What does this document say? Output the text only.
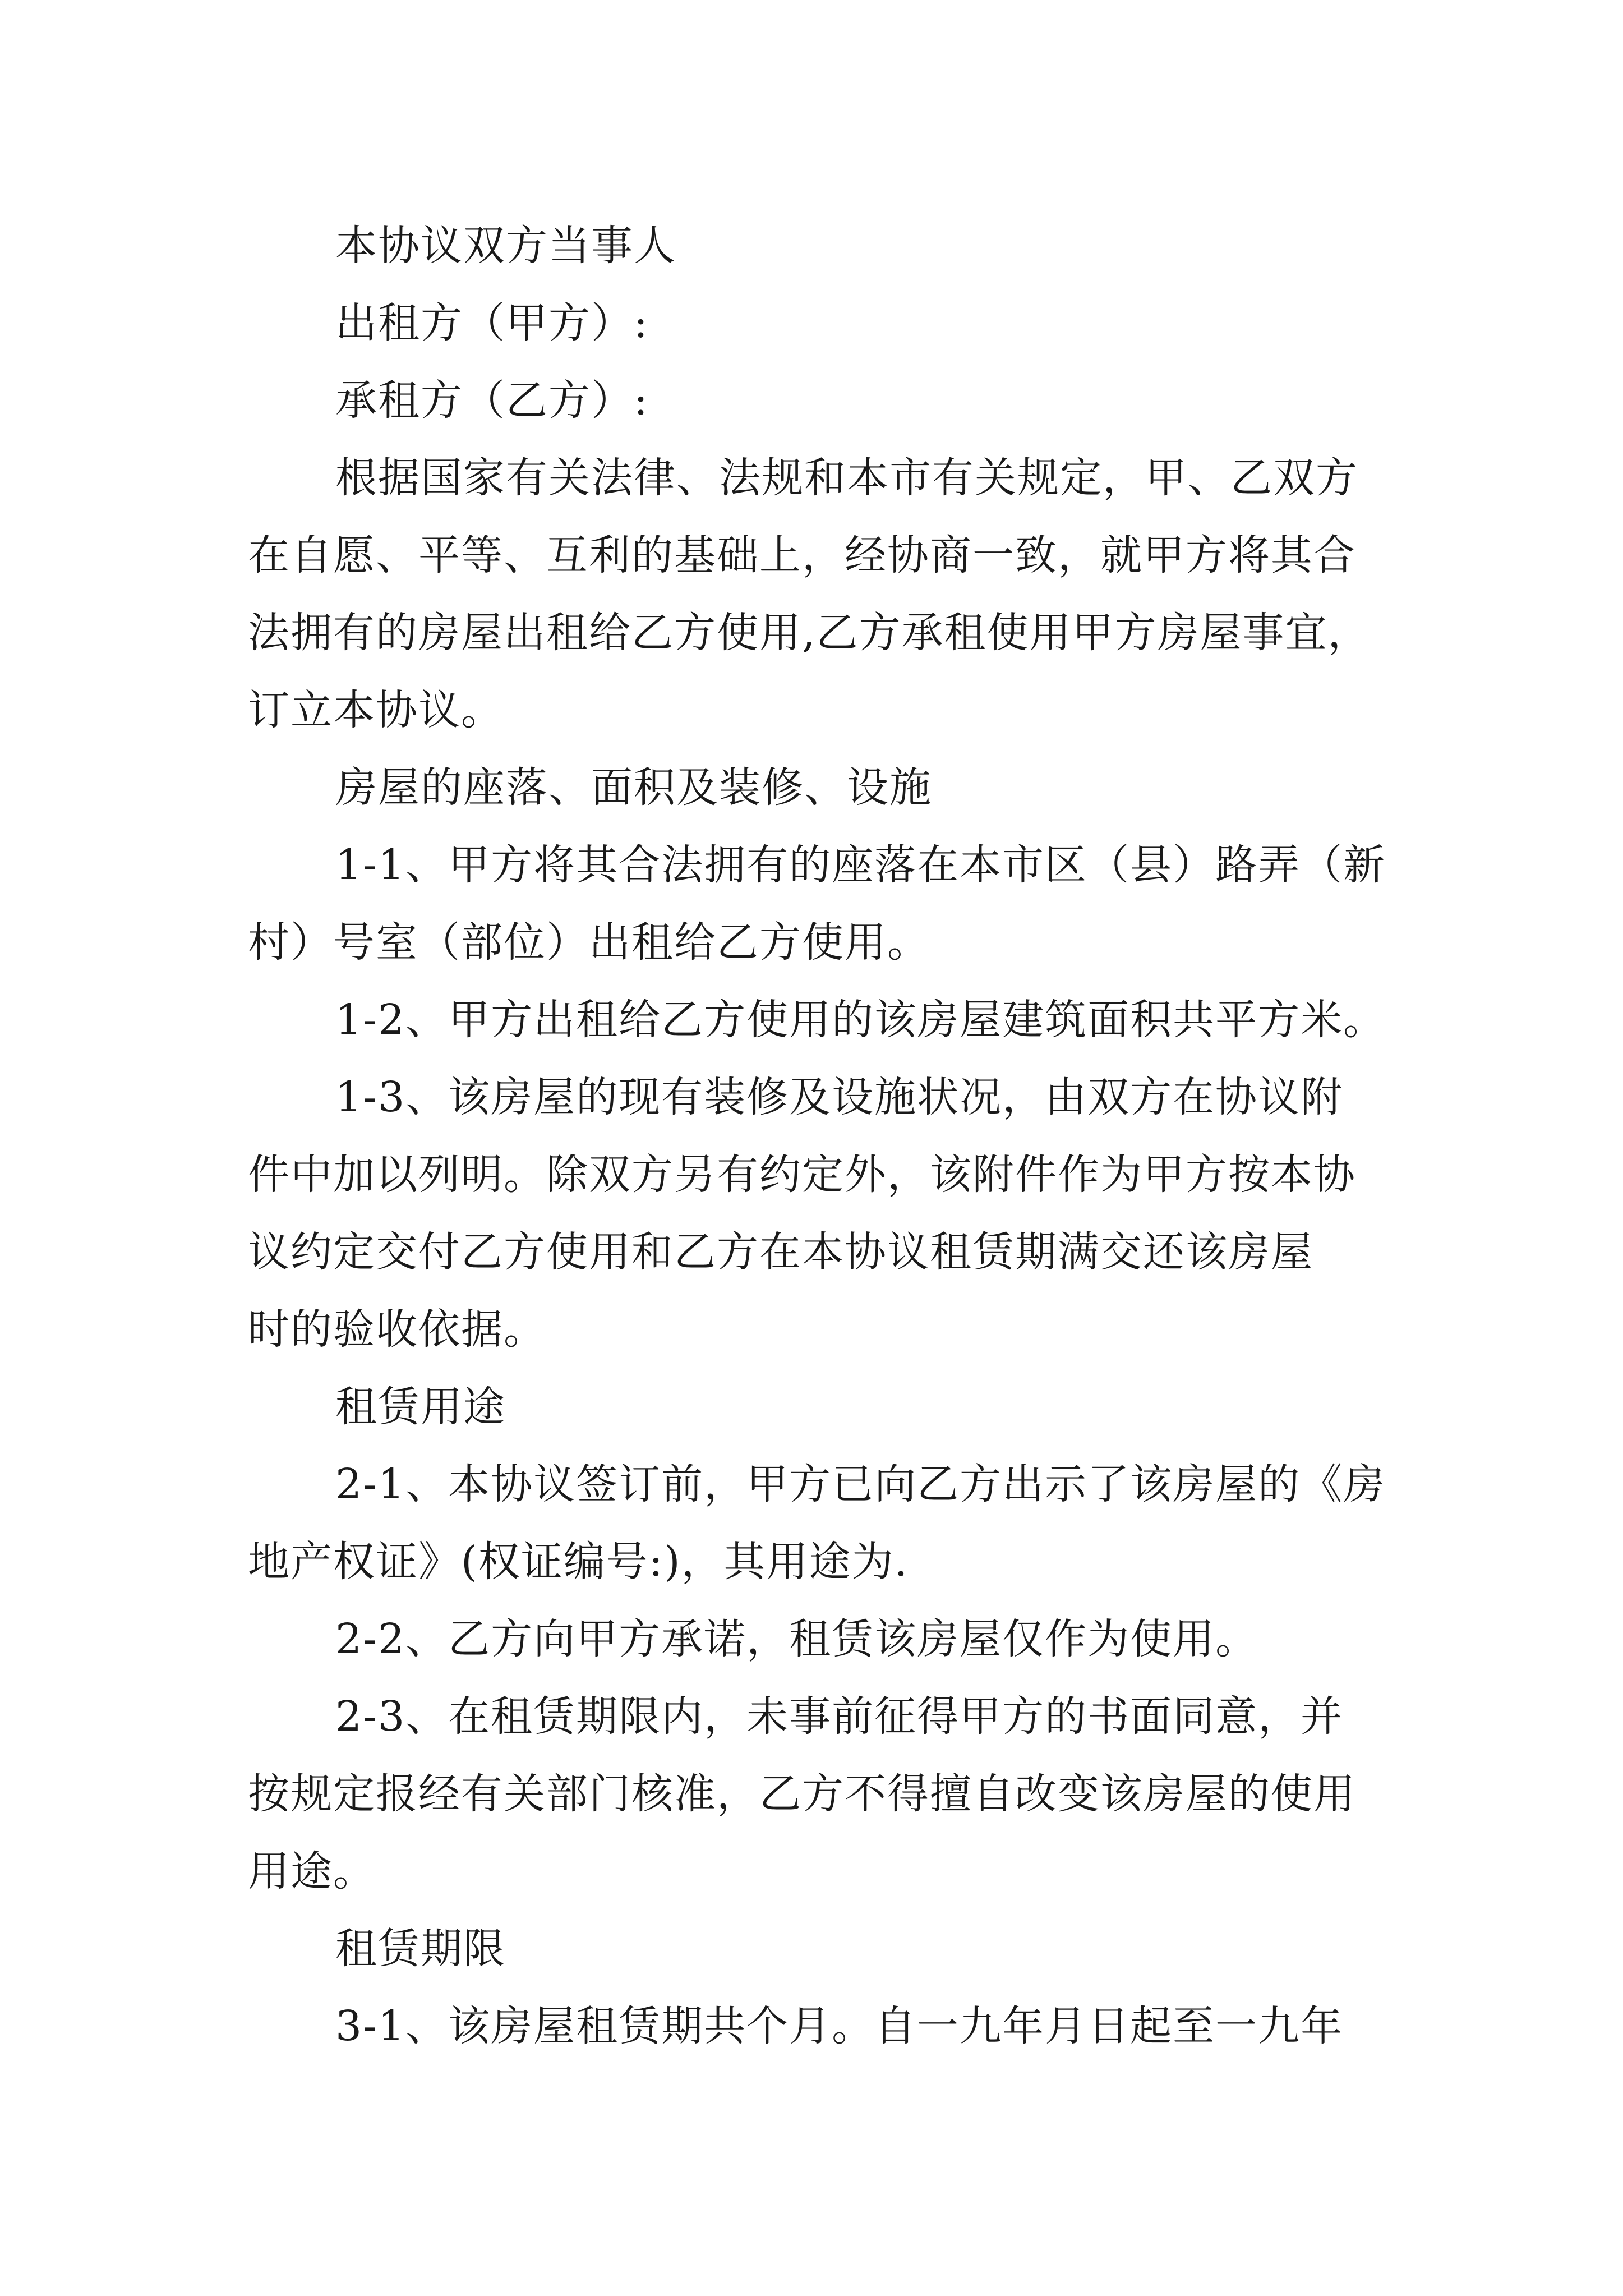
本协议双方当事人
出租方（甲方）:
承租方（乙方）:
根据国家有关法律、法规和本市有关规定，甲、乙双方
在自愿、平等、互利的基础上，经协商一致，就甲方将其合
法拥有的房屋出租给乙方使用,乙方承租使用甲方房屋事宜，
订立本协议。
房屋的座落、面积及装修、设施
1-1、甲方将其合法拥有的座落在本市区（县）路弄（新
村）号室（部位）出租给乙方使用。
1-2、甲方出租给乙方使用的该房屋建筑面积共平方米。
1-3、该房屋的现有装修及设施状况，由双方在协议附
件中加以列明。除双方另有约定外，该附件作为甲方按本协
议约定交付乙方使用和乙方在本协议租赁期满交还该房屋
时的验收依据。
租赁用途
2-1、本协议签订前，甲方已向乙方出示了该房屋的《房
地产权证》(权证编号:)，其用途为.
2-2、乙方向甲方承诺，租赁该房屋仅作为使用。
2-3、在租赁期限内，未事前征得甲方的书面同意，并
按规定报经有关部门核准，乙方不得擅自改变该房屋的使用
用途。
租赁期限
3-1、该房屋租赁期共个月。自一九年月日起至一九年
